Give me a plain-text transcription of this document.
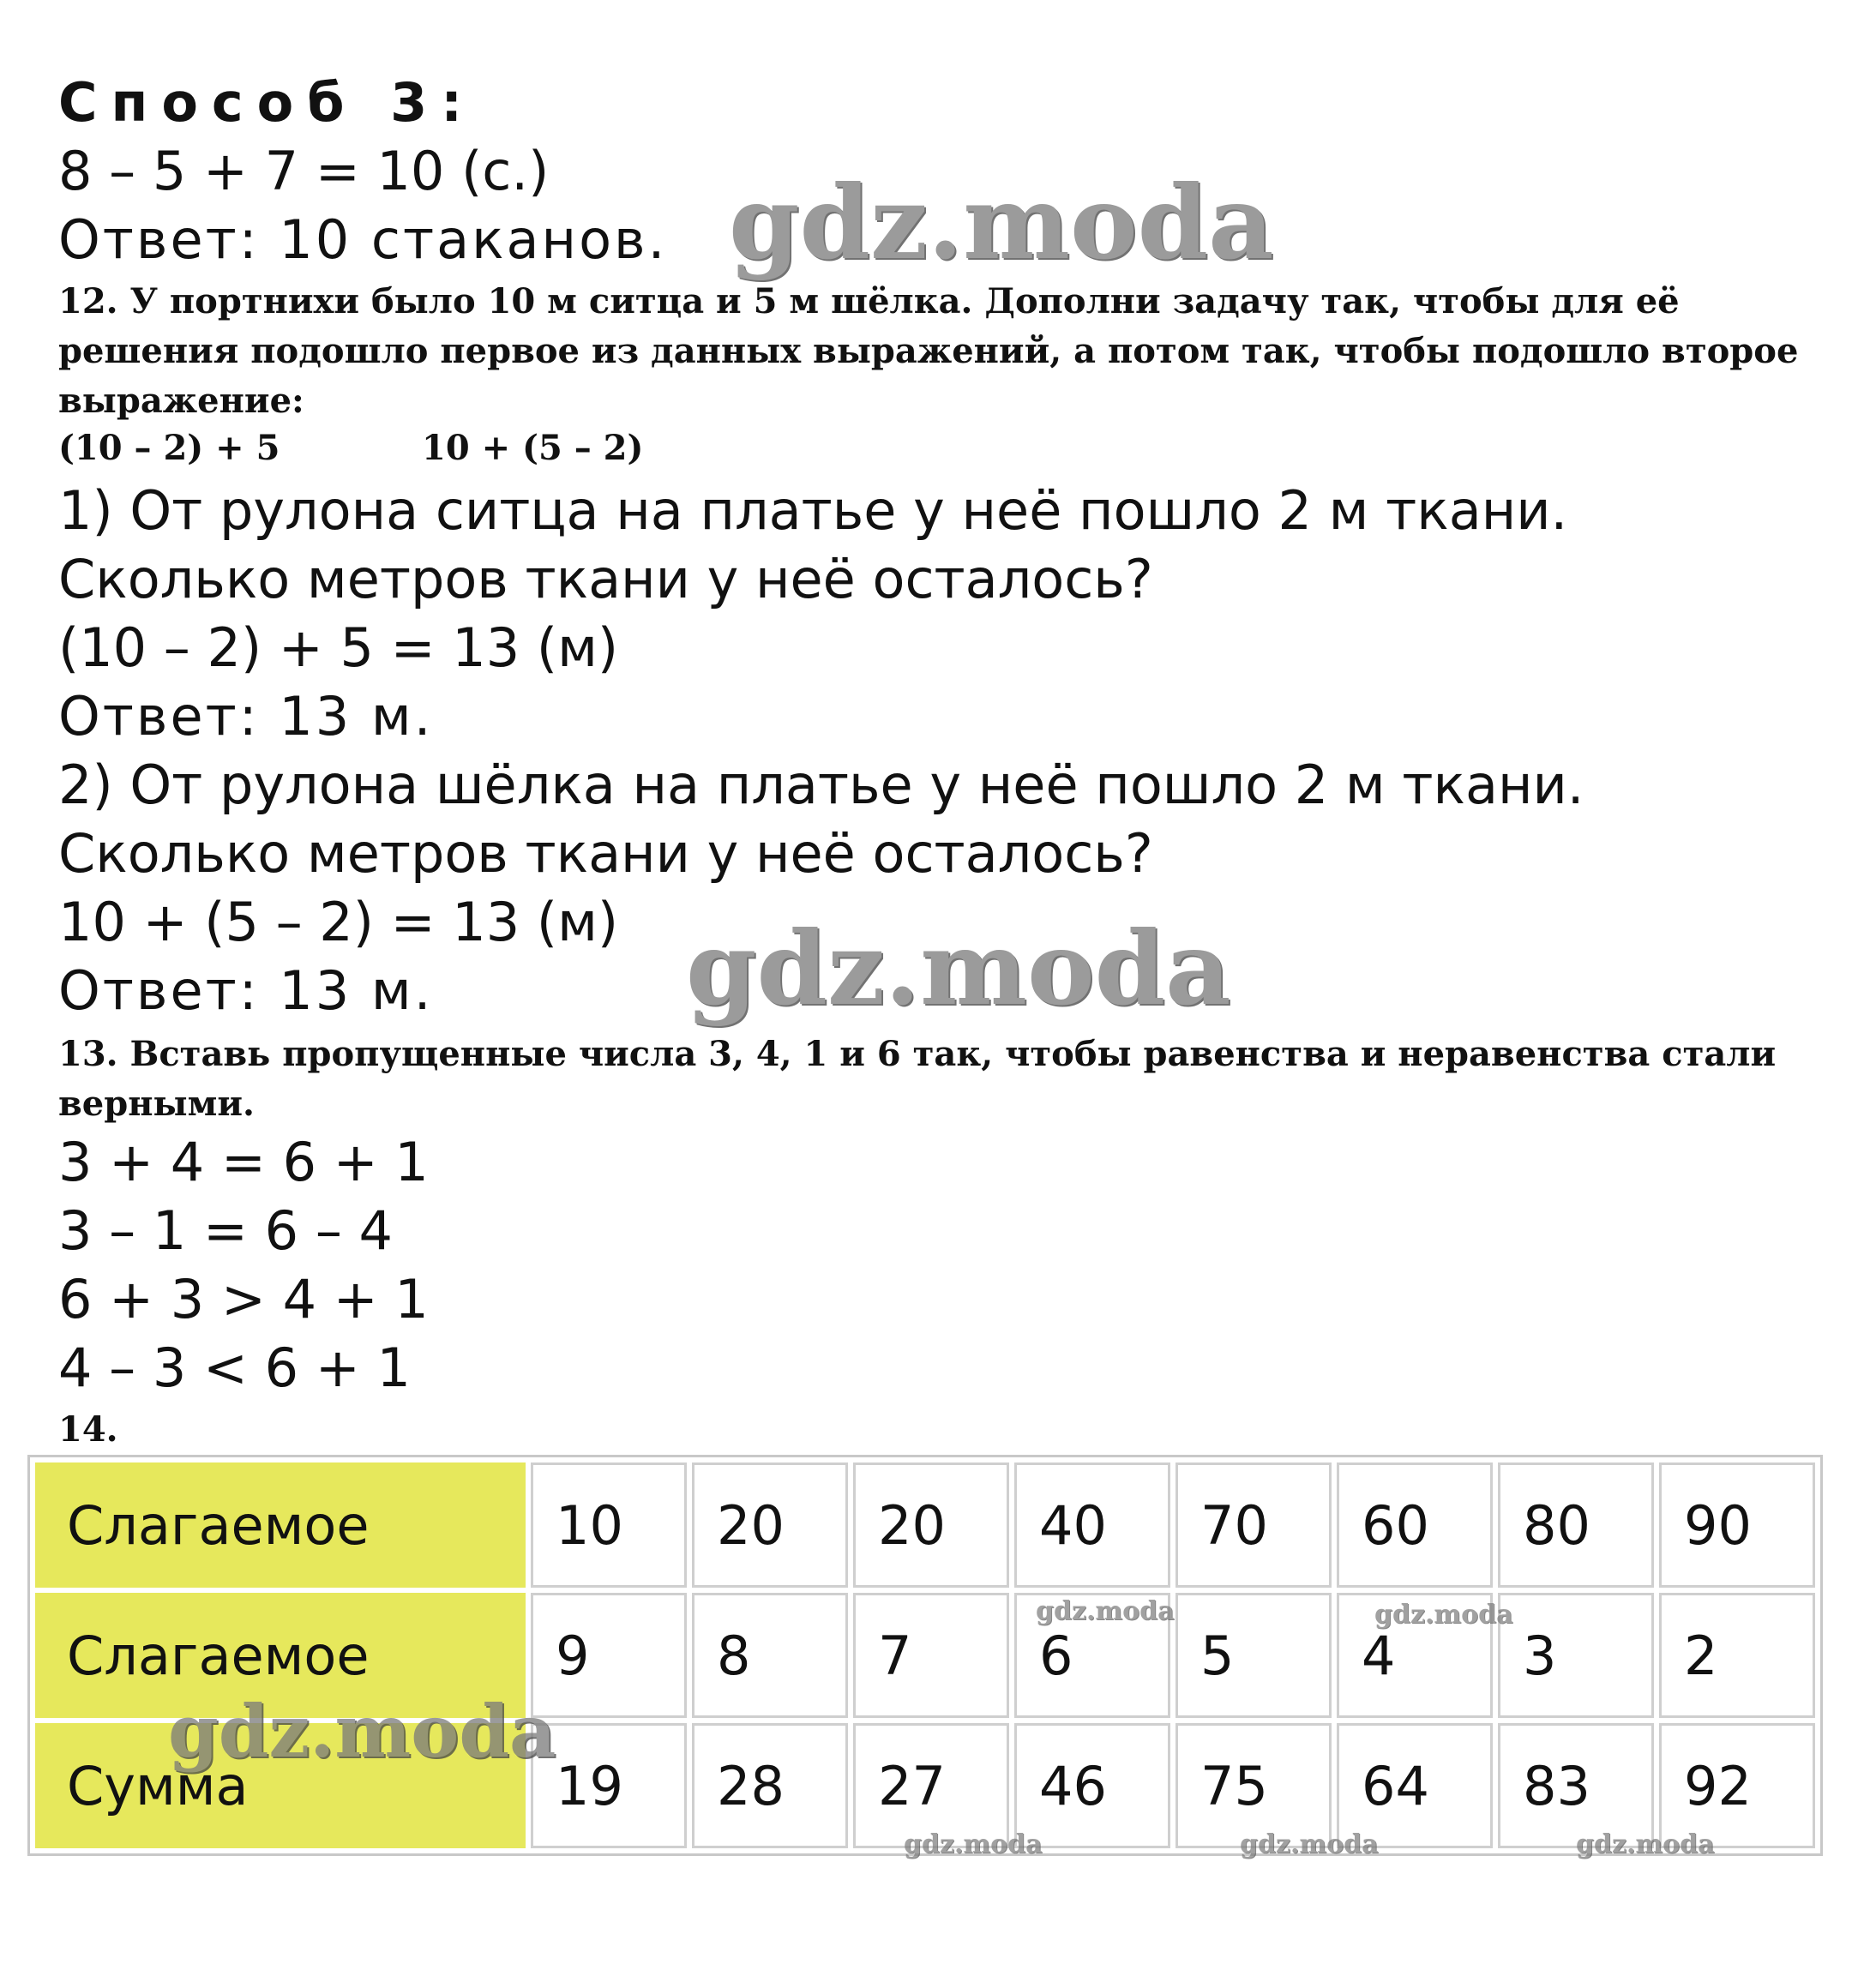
Способ 3:
8 – 5 + 7 = 10 (с.)
Ответ: 10 стаканов.
12. У портнихи было 10 м ситца и 5 м шёлка. Дополни задачу так, чтобы для её
решения подошло первое из данных выражений, а потом так, чтобы подошло второе
выражение:
(10 – 2) + 5	10 + (5 – 2)
1) От рулона ситца на платье у неё пошло 2 м ткани.
Сколько метров ткани у неё осталось?
(10 – 2) + 5 = 13 (м)
Ответ: 13 м.
2) От рулона шёлка на платье у неё пошло 2 м ткани.
Сколько метров ткани у неё осталось?
10 + (5 – 2) = 13 (м)
Ответ: 13 м.
13. Вставь пропущенные числа 3, 4, 1 и 6 так, чтобы равенства и неравенства стали
верными.
3 + 4 = 6 + 1
3 – 1 = 6 – 4
6 + 3 > 4 + 1
4 – 3 < 6 + 1
14.
Слагаемое	10	20	20	40	70	60	80	90
Слагаемое	9	8	7	6	5	4	3	2
Сумма	19	28	27	46	75	64	83	92
gdz.moda
gdz.moda
gdz.moda
gdz.moda	gdz.moda
gdz.moda	gdz.moda	gdz.moda
